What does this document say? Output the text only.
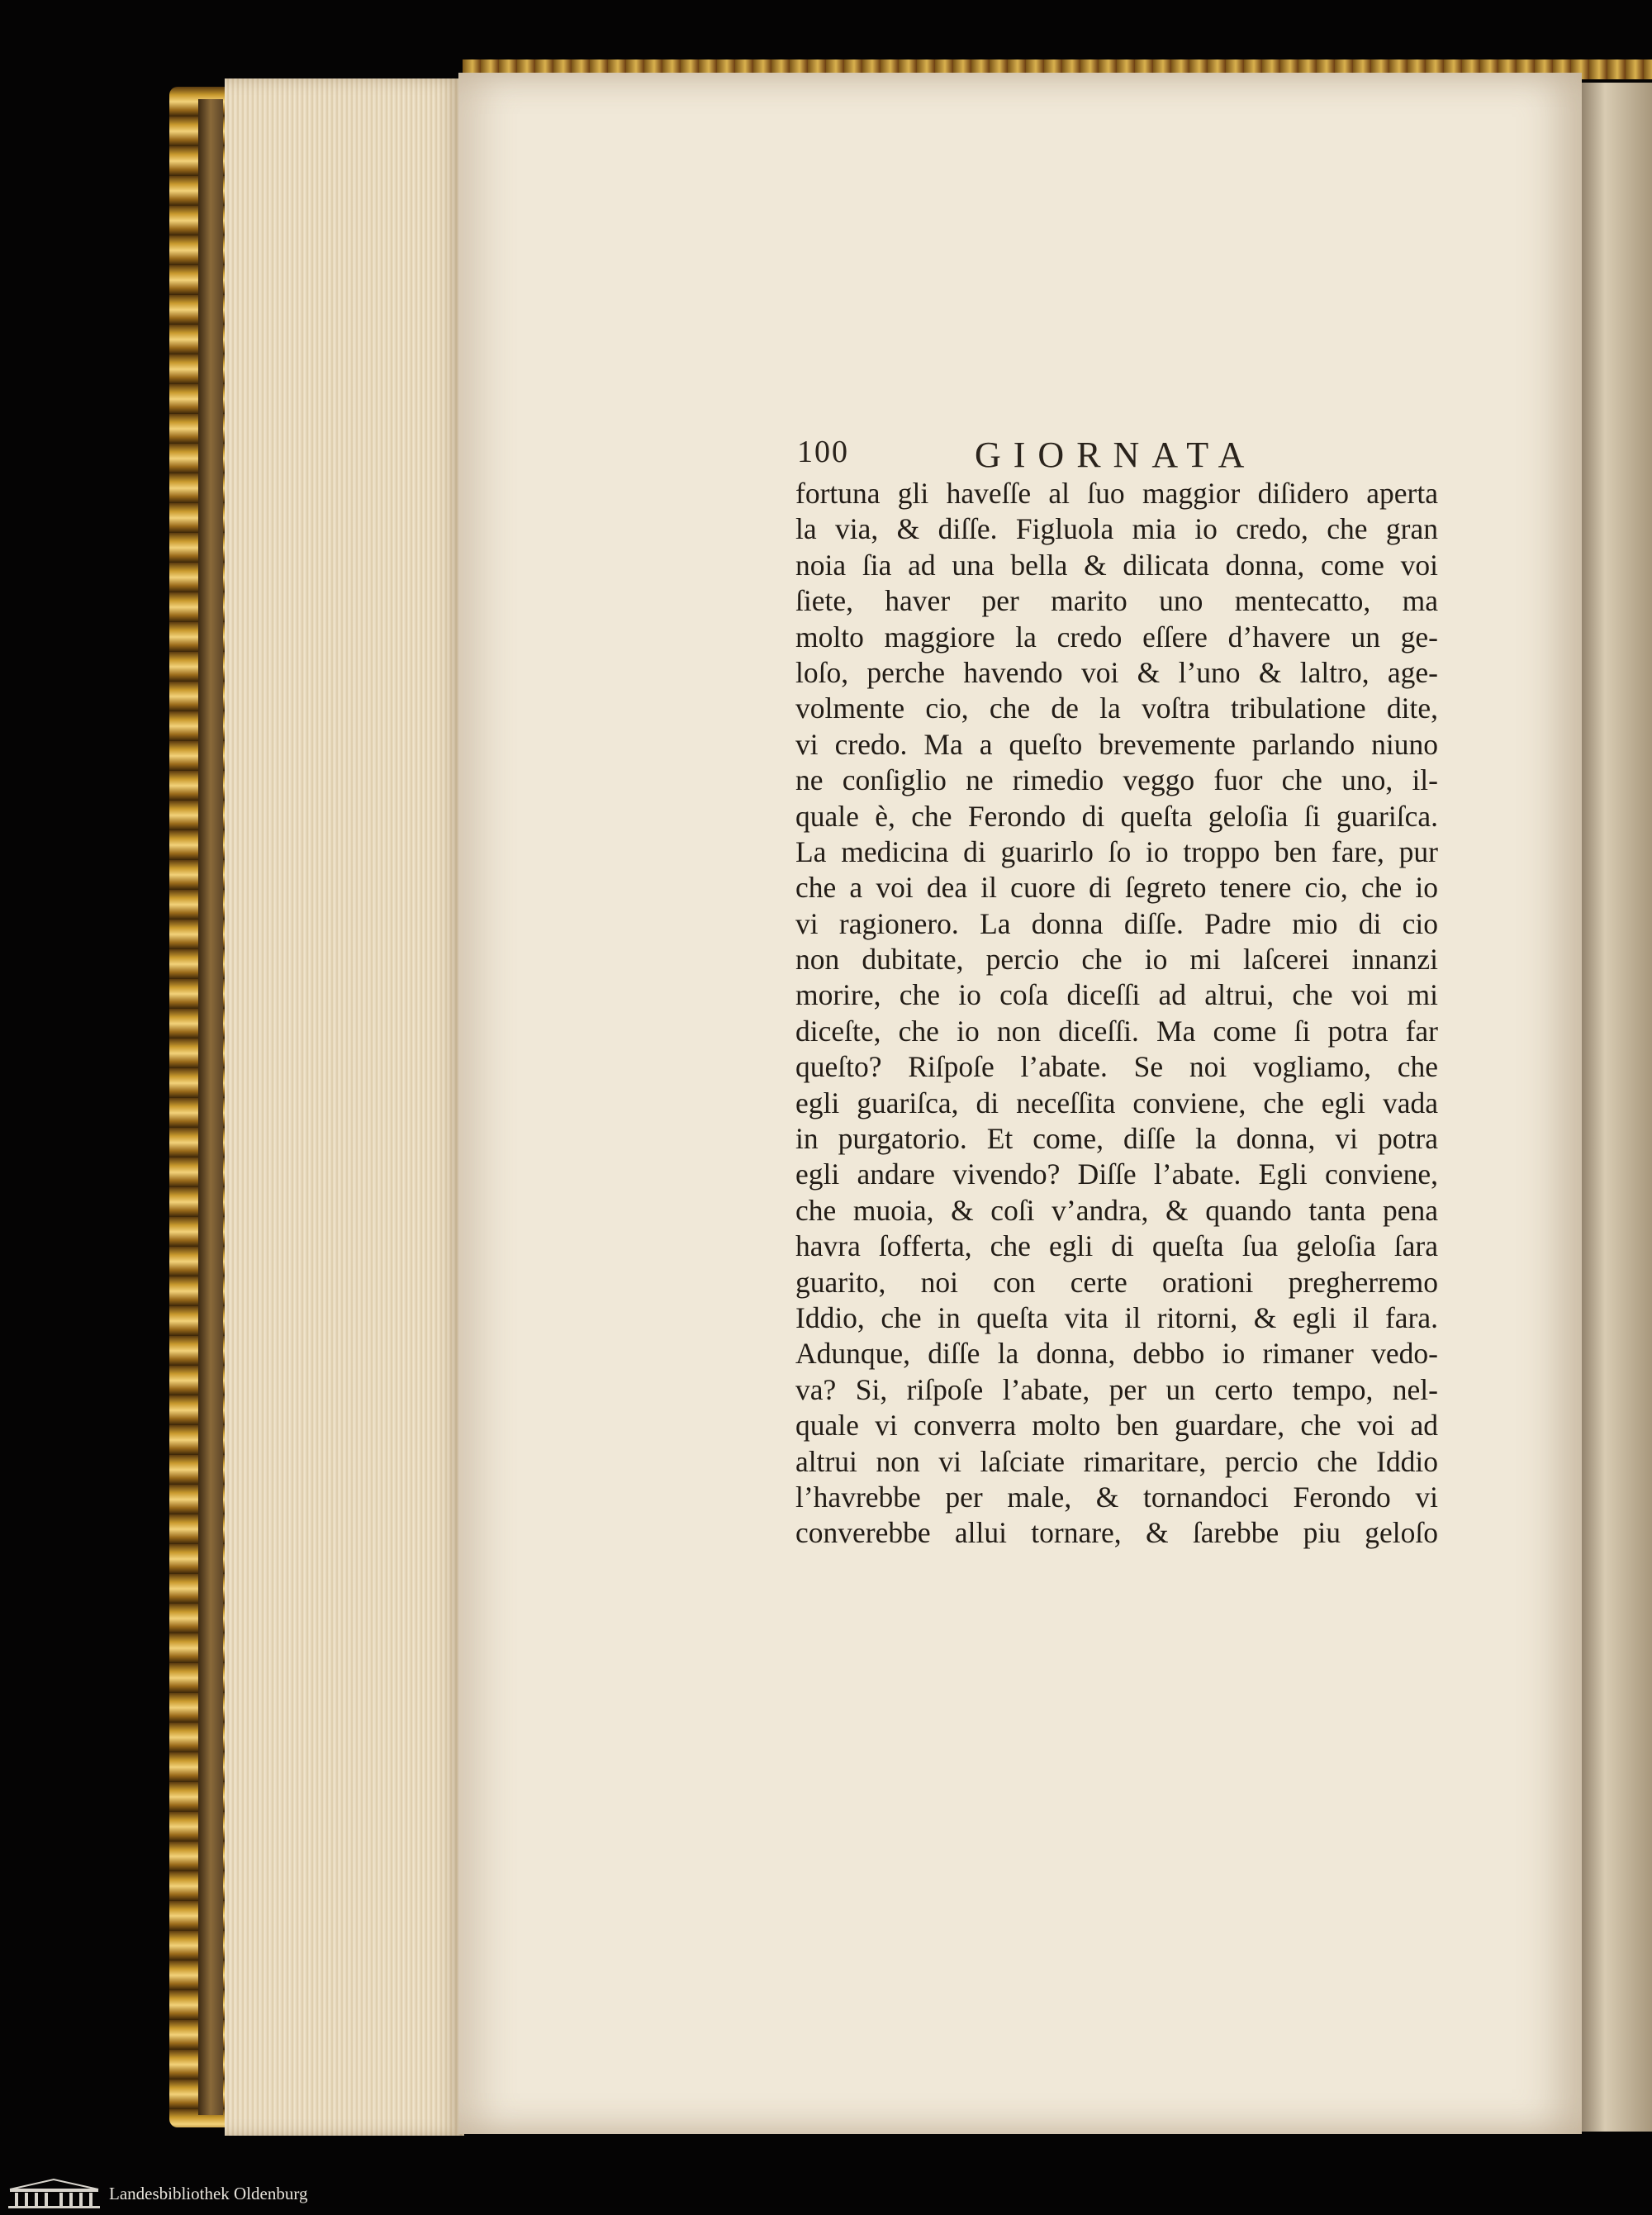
100	GIORNATA
fortuna gli haveſſe al ſuo maggior diſidero aperta
la via, & diſſe. Figluola mia io credo, che gran
noia ſia ad una bella & dilicata donna, come voi
ſiete, haver per marito uno mentecatto, ma
molto maggiore la credo eſſere d’havere un ge-
loſo, perche havendo voi & l’uno & laltro, age-
volmente cio, che de la voſtra tribulatione dite,
vi credo. Ma a queſto brevemente parlando niuno
ne conſiglio ne rimedio veggo fuor che uno, il-
quale è, che Ferondo di queſta geloſia ſi guariſca.
La medicina di guarirlo ſo io troppo ben fare, pur
che a voi dea il cuore di ſegreto tenere cio, che io
vi ragionero. La donna diſſe. Padre mio di cio
non dubitate, percio che io mi laſcerei innanzi
morire, che io coſa diceſſi ad altrui, che voi mi
diceſte, che io non diceſſi. Ma come ſi potra far
queſto? Riſpoſe l’abate. Se noi vogliamo, che
egli guariſca, di neceſſita conviene, che egli vada
in purgatorio. Et come, diſſe la donna, vi potra
egli andare vivendo? Diſſe l’abate. Egli conviene,
che muoia, & coſi v’andra, & quando tanta pena
havra ſofferta, che egli di queſta ſua geloſia ſara
guarito, noi con certe orationi pregherremo
Iddio, che in queſta vita il ritorni, & egli il fara.
Adunque, diſſe la donna, debbo io rimaner vedo-
va? Si, riſpoſe l’abate, per un certo tempo, nel-
quale vi converra molto ben guardare, che voi ad
altrui non vi laſciate rimaritare, percio che Iddio
l’havrebbe per male, & tornandoci Ferondo vi
converebbe allui tornare, & ſarebbe piu geloſo
Landesbibliothek Oldenburg
